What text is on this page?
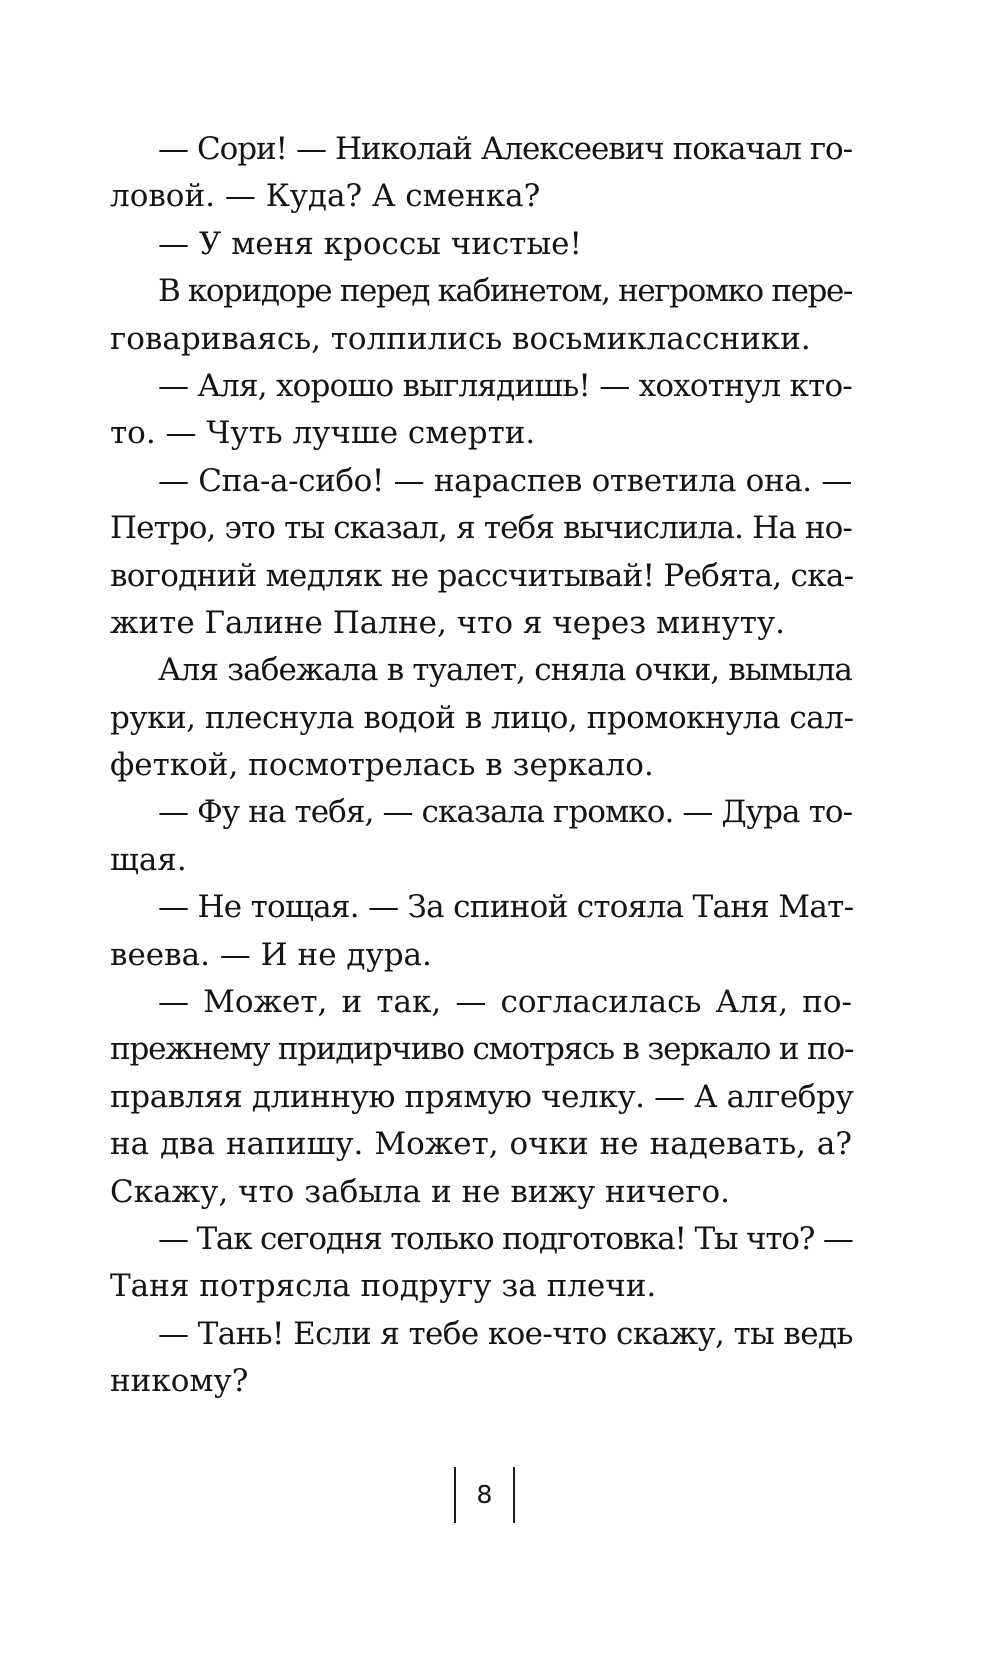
— Сори! — Николай Алексеевич покачал го-
ловой. — Куда? А сменка?
— У меня кроссы чистые!
В коридоре перед кабинетом, негромко пере-
говариваясь, толпились восьмиклассники.
— Аля, хорошо выглядишь! — хохотнул кто-
то. — Чуть лучше смерти.
— Спа-а-сибо! — нараспев ответила она. —
Петро, это ты сказал, я тебя вычислила. На но-
вогодний медляк не рассчитывай! Ребята, ска-
жите Галине Палне, что я через минуту.
Аля забежала в туалет, сняла очки, вымыла
руки, плеснула водой в лицо, промокнула сал-
феткой, посмотрелась в зеркало.
— Фу на тебя, — сказала громко. — Дура то-
щая.
— Не тощая. — За спиной стояла Таня Мат-
веева. — И не дура.
— Может, и так, — согласилась Аля, по-
прежнему придирчиво смотрясь в зеркало и по-
правляя длинную прямую челку. — А алгебру
на два напишу. Может, очки не надевать, а?
Скажу, что забыла и не вижу ничего.
— Так сегодня только подготовка! Ты что? —
Таня потрясла подругу за плечи.
— Тань! Если я тебе кое-что скажу, ты ведь
никому?
8
